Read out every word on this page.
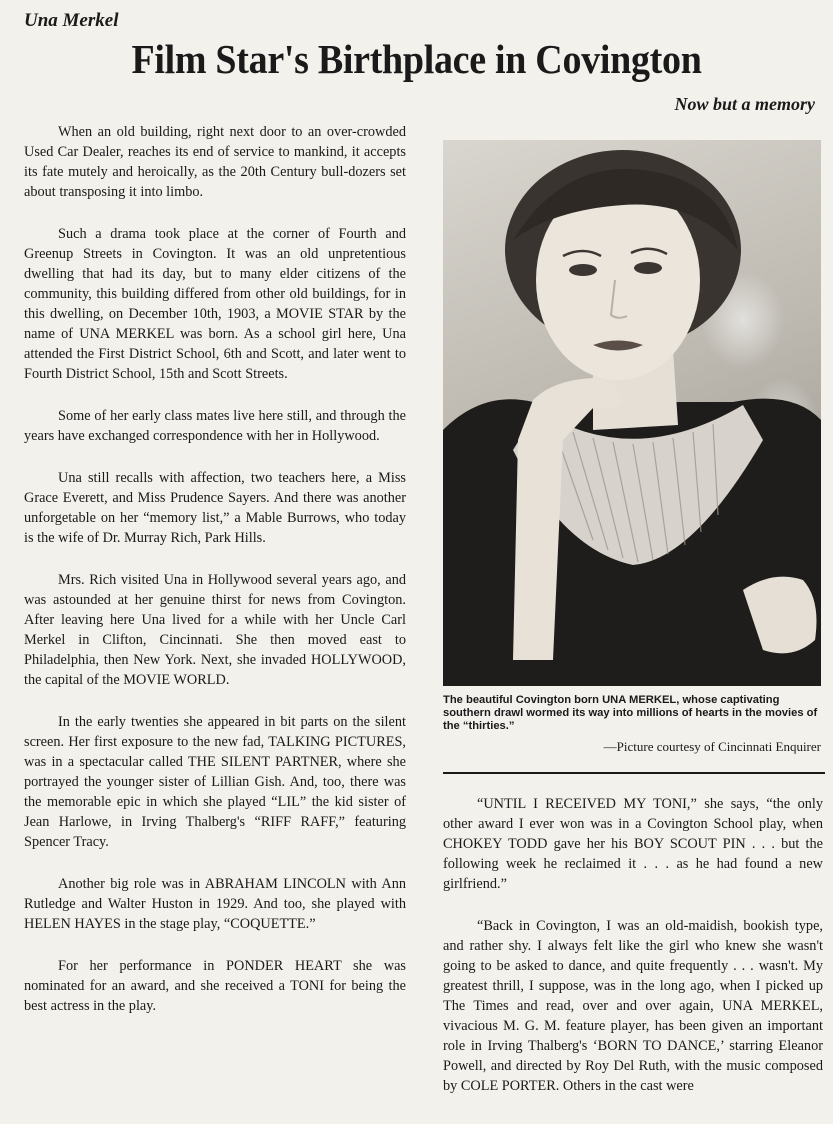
Una Merkel
Film Star's Birthplace in Covington
Now but a memory

When an old building, right next door to an over-crowded Used Car Dealer, reaches its end of service to mankind, it accepts its fate mutely and heroically, as the 20th Century bull-dozers set about transposing it into limbo.

Such a drama took place at the corner of Fourth and Greenup Streets in Covington. It was an old unpretentious dwelling that had its day, but to many elder citizens of the community, this building differed from other old buildings, for in this dwelling, on December 10th, 1903, a MOVIE STAR by the name of UNA MERKEL was born. As a school girl here, Una attended the First District School, 6th and Scott, and later went to Fourth District School, 15th and Scott Streets.

Some of her early class mates live here still, and through the years have exchanged correspondence with her in Hollywood.

Una still recalls with affection, two teachers here, a Miss Grace Everett, and Miss Prudence Sayers. And there was another unforgetable on her “memory list,” a Mable Burrows, who today is the wife of Dr. Murray Rich, Park Hills.

Mrs. Rich visited Una in Hollywood several years ago, and was astounded at her genuine thirst for news from Covington. After leaving here Una lived for a while with her Uncle Carl Merkel in Clifton, Cincinnati. She then moved east to Philadelphia, then New York. Next, she invaded HOLLYWOOD, the capital of the MOVIE WORLD.

In the early twenties she appeared in bit parts on the silent screen. Her first exposure to the new fad, TALKING PICTURES, was in a spectacular called THE SILENT PARTNER, where she portrayed the younger sister of Lillian Gish. And, too, there was the memorable epic in which she played “LIL” the kid sister of Jean Harlowe, in Irving Thalberg's “RIFF RAFF,” featuring Spencer Tracy.

Another big role was in ABRAHAM LINCOLN with Ann Rutledge and Walter Huston in 1929. And too, she played with HELEN HAYES in the stage play, “COQUETTE.”

For her performance in PONDER HEART she was nominated for an award, and she received a TONI for being the best actress in the play.

The beautiful Covington born UNA MERKEL, whose captivating southern drawl wormed its way into millions of hearts in the movies of the “thirties.”
—Picture courtesy of Cincinnati Enquirer

“UNTIL I RECEIVED MY TONI,” she says, “the only other award I ever won was in a Covington School play, when CHOKEY TODD gave her his BOY SCOUT PIN . . . but the following week he reclaimed it . . . as he had found a new girlfriend.”

“Back in Covington, I was an old-maidish, bookish type, and rather shy. I always felt like the girl who knew she wasn't going to be asked to dance, and quite frequently . . . wasn't. My greatest thrill, I suppose, was in the long ago, when I picked up The Times and read, over and over again, UNA MERKEL, vivacious M. G. M. feature player, has been given an important role in Irving Thalberg's ‘BORN TO DANCE,’ starring Eleanor Powell, and directed by Roy Del Ruth, with the music composed by COLE PORTER. Others in the cast were
